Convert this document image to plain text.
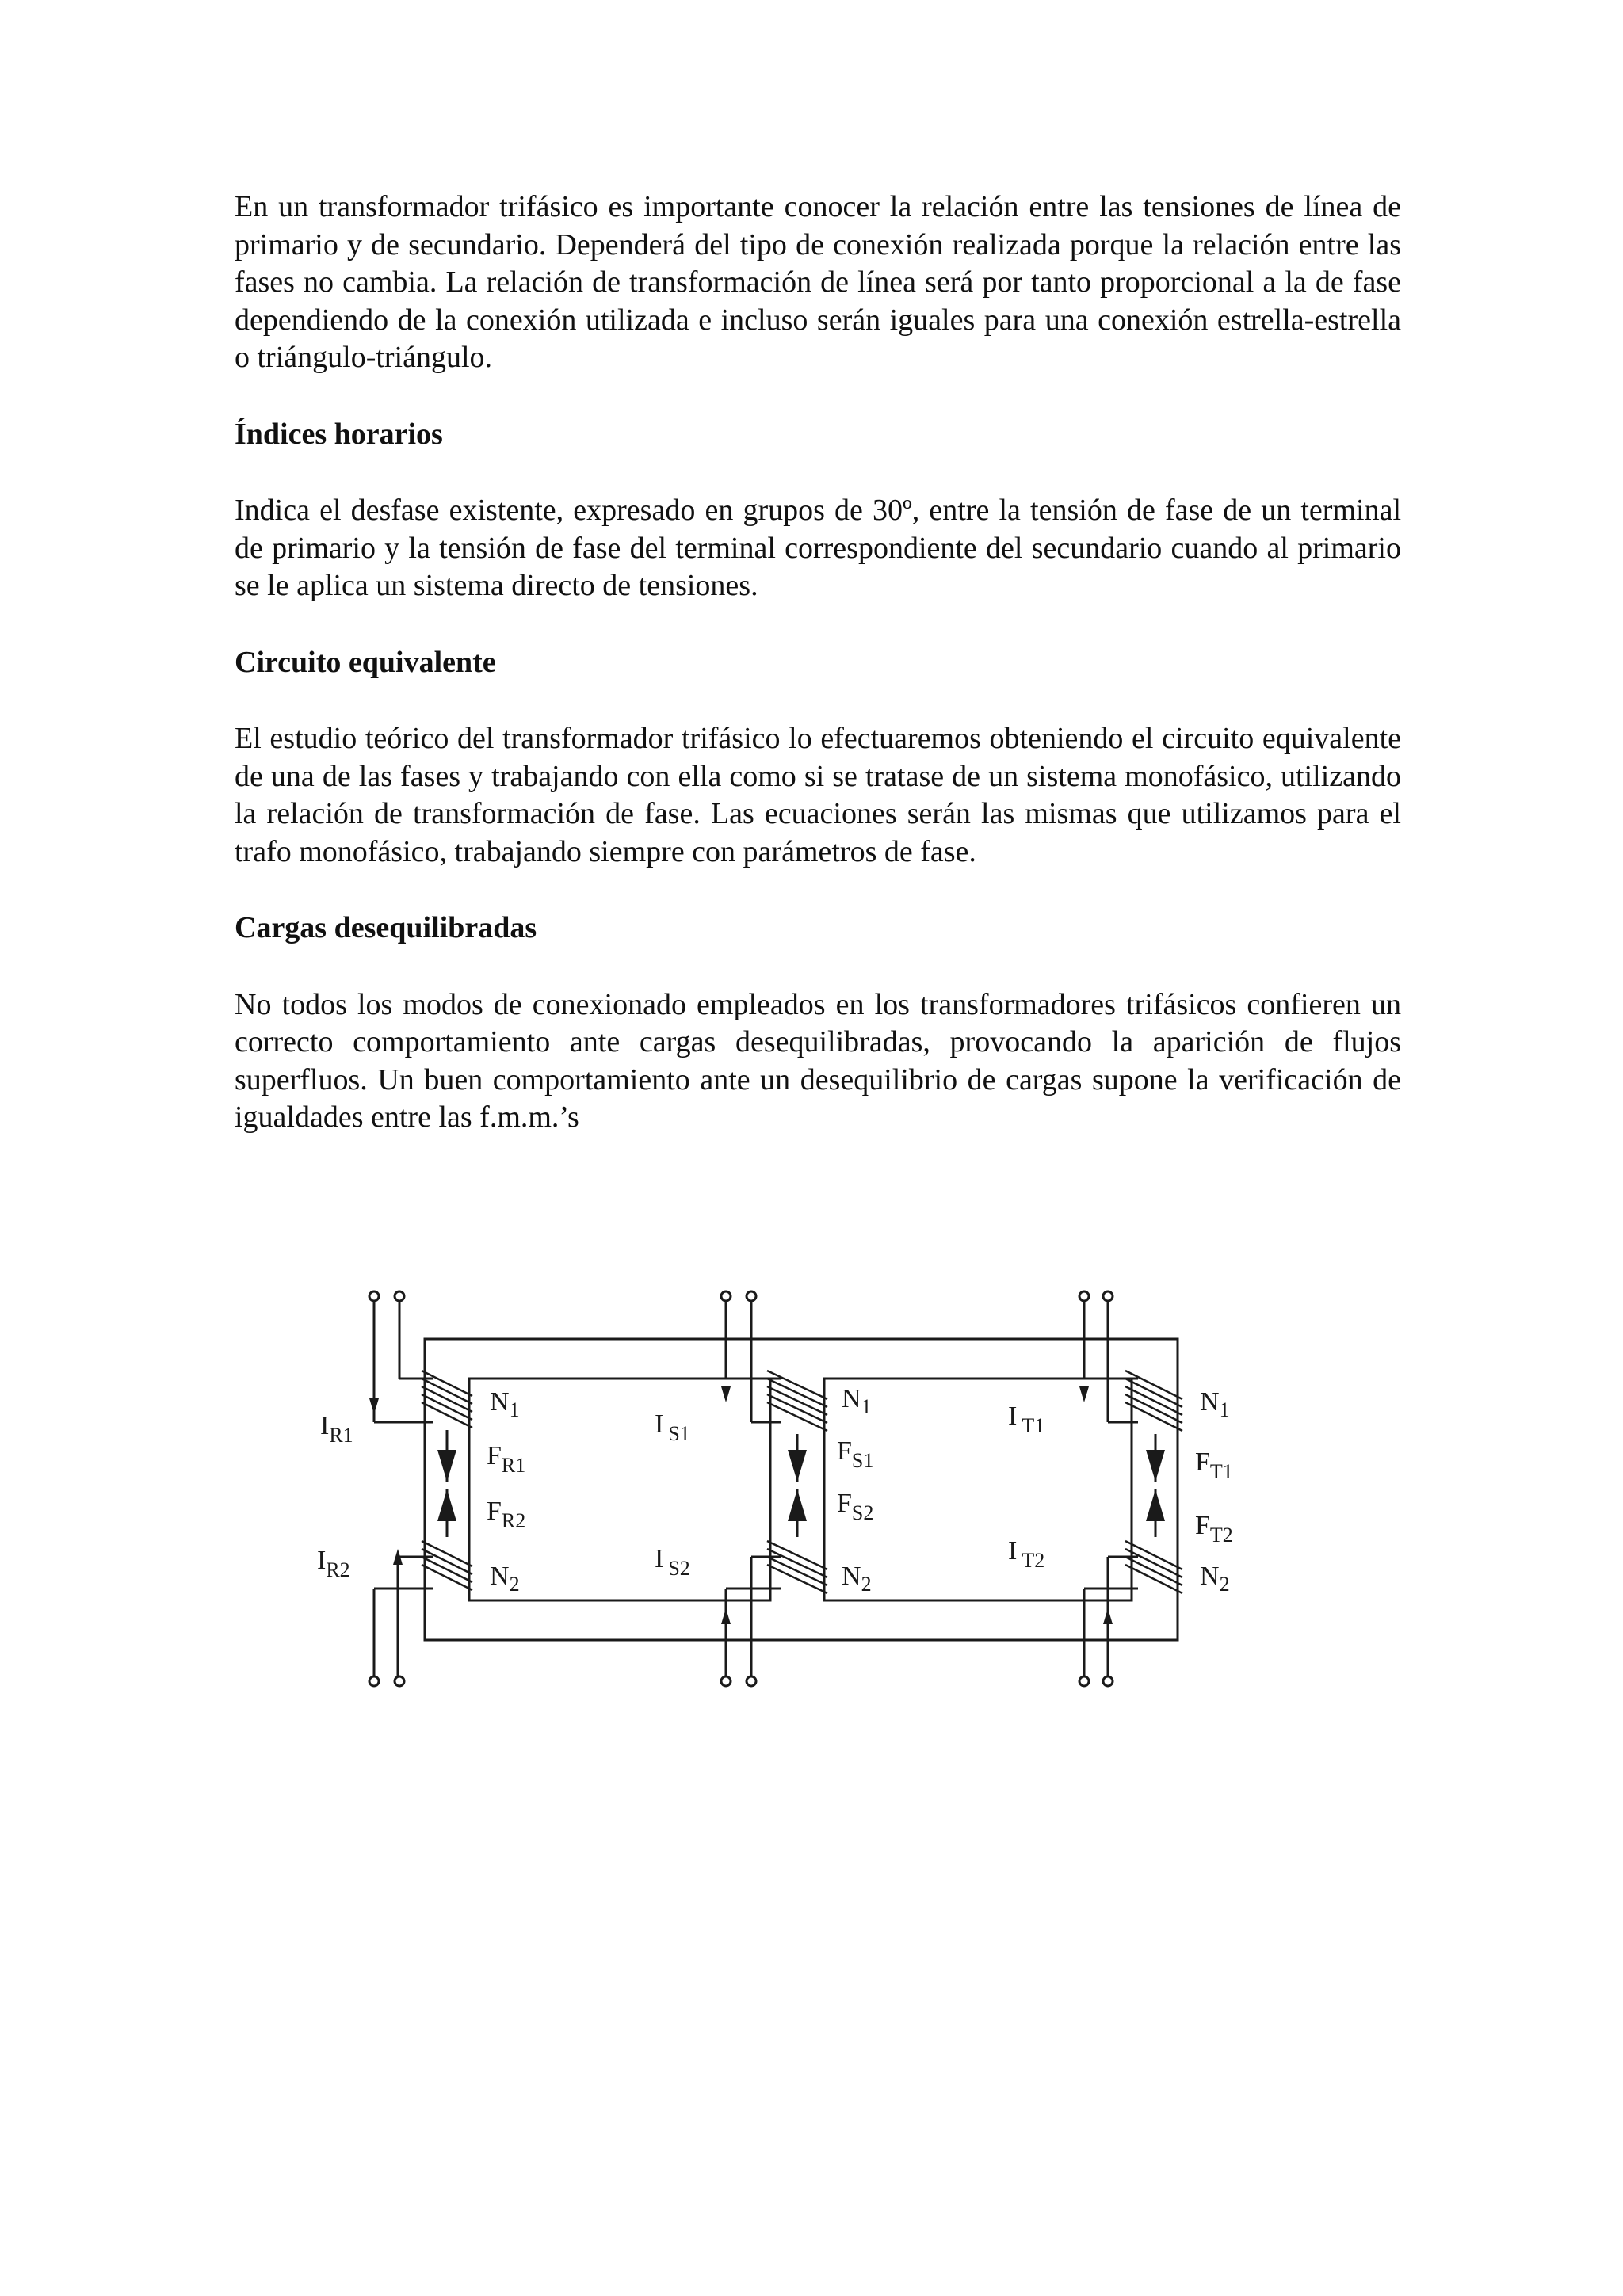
En un transformador trifásico es importante conocer la relación entre las tensiones de línea de primario y de secundario. Dependerá del tipo de conexión realizada porque la relación entre las fases no cambia. La relación de transformación de línea será por tanto proporcional a la de fase dependiendo de la conexión utilizada e incluso serán iguales para una conexión estrella-estrella o triángulo-triángulo.

Índices horarios

Indica el desfase existente, expresado en grupos de 30º, entre la tensión de fase de un terminal de primario y la tensión de fase del terminal correspondiente del secundario cuando al primario se le aplica un sistema directo de tensiones.

Circuito equivalente

El estudio teórico del transformador trifásico lo efectuaremos obteniendo el circuito equivalente de una de las fases y trabajando con ella como si se tratase de un sistema monofásico, utilizando la relación de transformación de fase. Las ecuaciones serán las mismas que utilizamos para el trafo monofásico, trabajando siempre con parámetros de fase.

Cargas desequilibradas

No todos los modos de conexionado empleados en los transformadores trifásicos confieren un correcto comportamiento ante cargas desequilibradas, provocando la aparición de flujos superfluos. Un buen comportamiento ante un desequilibrio de cargas supone la verificación de igualdades entre las f.m.m.’s

$I_{R1}$
$I_{R2}$
$N_1$
$F_{R1}$
$F_{R2}$
$N_2$
I $_{S1}$
I $_{S2}$
$N_1$
$F_{S1}$
$F_{S2}$
$N_2$
I $_{T1}$
I $_{T2}$
$N_1$
$F_{T1}$
$F_{T2}$
$N_2$
